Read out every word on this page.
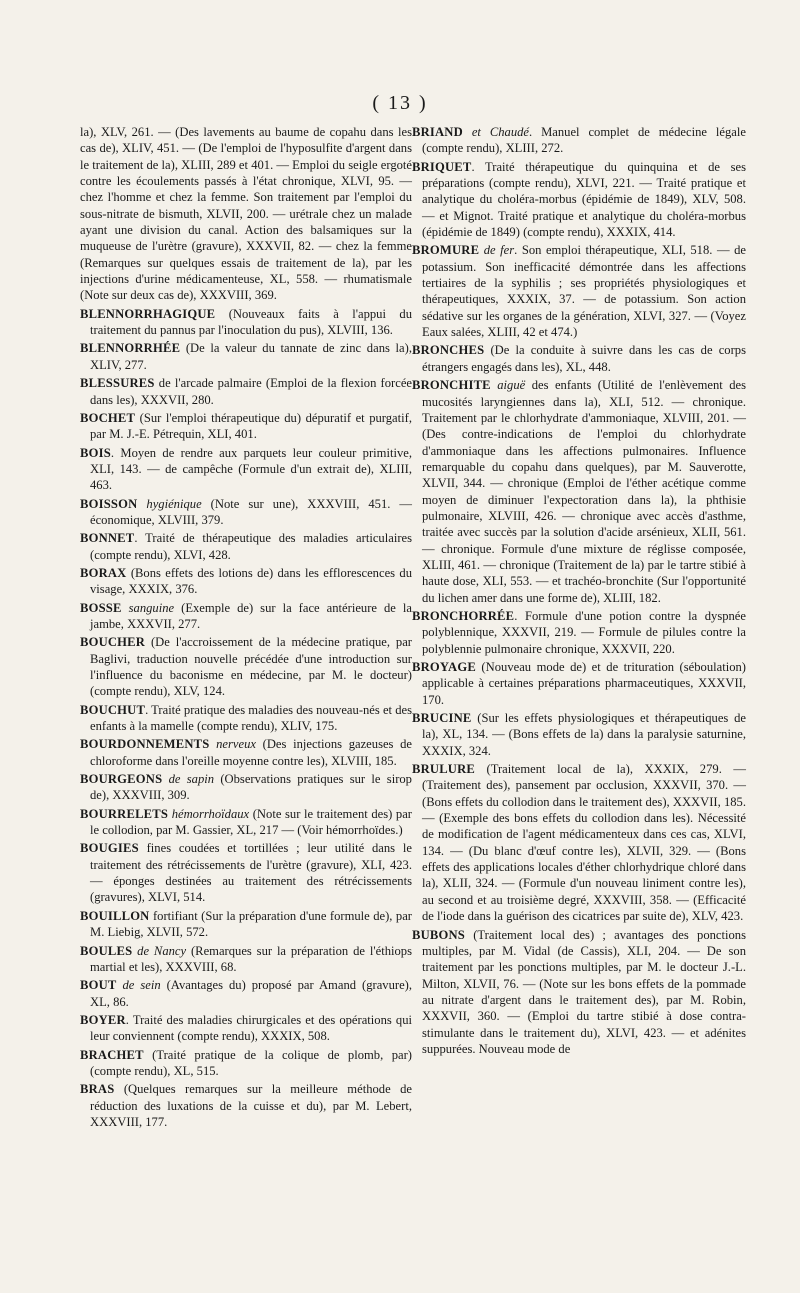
( 13 )

la), XLV, 261. — (Des lavements au baume de copahu dans les cas de), XLIV, 451. — (De l'emploi de l'hyposulfite d'argent dans le traitement de la), XLIII, 289 et 401. — Emploi du seigle ergoté contre les écoulements passés à l'état chronique, XLVI, 95. — chez l'homme et chez la femme. Son traitement par l'emploi du sous-nitrate de bismuth, XLVII, 200. — urétrale chez un malade ayant une division du canal. Action des balsamiques sur la muqueuse de l'urètre (gravure), XXXVII, 82. — chez la femme (Remarques sur quelques essais de traitement de la), par les injections d'urine médicamenteuse, XL, 558. — rhumatismale (Note sur deux cas de), XXXVIII, 369.

BLENNORRHAGIQUE (Nouveaux faits à l'appui du traitement du pannus par l'inoculation du pus), XLVIII, 136.

BLENNORRHÉE (De la valeur du tannate de zinc dans la), XLIV, 277.

BLESSURES de l'arcade palmaire (Emploi de la flexion forcée dans les), XXXVII, 280.

BOCHET (Sur l'emploi thérapeutique du) dépuratif et purgatif, par M. J.-E. Pétrequin, XLI, 401.

BOIS. Moyen de rendre aux parquets leur couleur primitive, XLI, 143. — de campêche (Formule d'un extrait de), XLIII, 463.

BOISSON hygiénique (Note sur une), XXXVIII, 451. — économique, XLVIII, 379.

BONNET. Traité de thérapeutique des maladies articulaires (compte rendu), XLVI, 428.

BORAX (Bons effets des lotions de) dans les efflorescences du visage, XXXIX, 376.

BOSSE sanguine (Exemple de) sur la face antérieure de la jambe, XXXVII, 277.

BOUCHER (De l'accroissement de la médecine pratique, par Baglivi, traduction nouvelle précédée d'une introduction sur l'influence du baconisme en médecine, par M. le docteur) (compte rendu), XLV, 124.

BOUCHUT. Traité pratique des maladies des nouveau-nés et des enfants à la mamelle (compte rendu), XLIV, 175.

BOURDONNEMENTS nerveux (Des injections gazeuses de chloroforme dans l'oreille moyenne contre les), XLVIII, 185.

BOURGEONS de sapin (Observations pratiques sur le sirop de), XXXVIII, 309.

BOURRELETS hémorrhoïdaux (Note sur le traitement des) par le collodion, par M. Gassier, XL, 217 — (Voir hémorrhoïdes.)

BOUGIES fines coudées et tortillées ; leur utilité dans le traitement des rétrécissements de l'urètre (gravure), XLI, 423. — éponges destinées au traitement des rétrécissements (gravures), XLVI, 514.

BOUILLON fortifiant (Sur la préparation d'une formule de), par M. Liebig, XLVII, 572.

BOULES de Nancy (Remarques sur la préparation de l'éthiops martial et les), XXXVIII, 68.

BOUT de sein (Avantages du) proposé par Amand (gravure), XL, 86.

BOYER. Traité des maladies chirurgicales et des opérations qui leur conviennent (compte rendu), XXXIX, 508.

BRACHET (Traité pratique de la colique de plomb, par) (compte rendu), XL, 515.

BRAS (Quelques remarques sur la meilleure méthode de réduction des luxations de la cuisse et du), par M. Lebert, XXXVIII, 177.

BRIAND et Chaudé. Manuel complet de médecine légale (compte rendu), XLIII, 272.

BRIQUET. Traité thérapeutique du quinquina et de ses préparations (compte rendu), XLVI, 221. — Traité pratique et analytique du choléra-morbus (épidémie de 1849), XLV, 508. — et Mignot. Traité pratique et analytique du choléra-morbus (épidémie de 1849) (compte rendu), XXXIX, 414.

BROMURE de fer. Son emploi thérapeutique, XLI, 518. — de potassium. Son inefficacité démontrée dans les affections tertiaires de la syphilis ; ses propriétés physiologiques et thérapeutiques, XXXIX, 37. — de potassium. Son action sédative sur les organes de la génération, XLVI, 327. — (Voyez Eaux salées, XLIII, 42 et 474.)

BRONCHES (De la conduite à suivre dans les cas de corps étrangers engagés dans les), XL, 448.

BRONCHITE aiguë des enfants (Utilité de l'enlèvement des mucosités laryngiennes dans la), XLI, 512. — chronique. Traitement par le chlorhydrate d'ammoniaque, XLVIII, 201. — (Des contre-indications de l'emploi du chlorhydrate d'ammoniaque dans les affections pulmonaires. Influence remarquable du copahu dans quelques), par M. Sauverotte, XLVII, 344. — chronique (Emploi de l'éther acétique comme moyen de diminuer l'expectoration dans la), la phthisie pulmonaire, XLVIII, 426. — chronique avec accès d'asthme, traitée avec succès par la solution d'acide arsénieux, XLII, 561. — chronique. Formule d'une mixture de réglisse composée, XLIII, 461. — chronique (Traitement de la) par le tartre stibié à haute dose, XLI, 553. — et trachéo-bronchite (Sur l'opportunité du lichen amer dans une forme de), XLIII, 182.

BRONCHORRÉE. Formule d'une potion contre la dyspnée polyblennique, XXXVII, 219. — Formule de pilules contre la polyblennie pulmonaire chronique, XXXVII, 220.

BROYAGE (Nouveau mode de) et de trituration (séboulation) applicable à certaines préparations pharmaceutiques, XXXVII, 170.

BRUCINE (Sur les effets physiologiques et thérapeutiques de la), XL, 134. — (Bons effets de la) dans la paralysie saturnine, XXXIX, 324.

BRULURE (Traitement local de la), XXXIX, 279. — (Traitement des), pansement par occlusion, XXXVII, 370. — (Bons effets du collodion dans le traitement des), XXXVII, 185. — (Exemple des bons effets du collodion dans les). Nécessité de modification de l'agent médicamenteux dans ces cas, XLVI, 134. — (Du blanc d'œuf contre les), XLVII, 329. — (Bons effets des applications locales d'éther chlorhydrique chloré dans la), XLII, 324. — (Formule d'un nouveau liniment contre les), au second et au troisième degré, XXXVIII, 358. — (Efficacité de l'iode dans la guérison des cicatrices par suite de), XLV, 423.

BUBONS (Traitement local des) ; avantages des ponctions multiples, par M. Vidal (de Cassis), XLI, 204. — De son traitement par les ponctions multiples, par M. le docteur J.-L. Milton, XLVII, 76. — (Note sur les bons effets de la pommade au nitrate d'argent dans le traitement des), par M. Robin, XXXVII, 360. — (Emploi du tartre stibié à dose contra-stimulante dans le traitement du), XLVI, 423. — et adénites suppurées. Nouveau mode de
